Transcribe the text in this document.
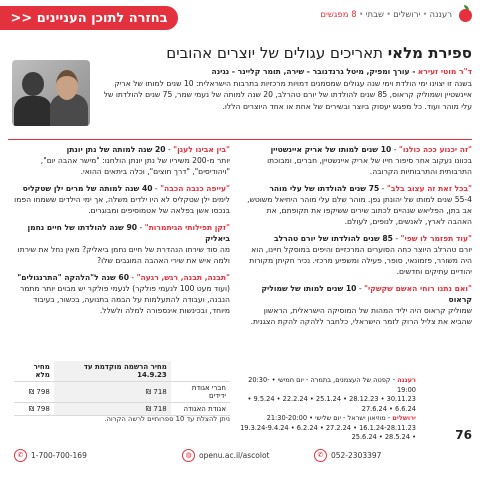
בחזרה לתוכן העניינים <<	רעננה•ירושלים•שבתי•8 מפגשים
ספירת מלאי תאריכים עגולים של יוצרים אהובים
ד"ר מוטי זעירא - עורך ומפיק, מיטל גרנדנובר - שירה, תומר קליינר - נגינה
בשנה זו יצוינו ימי הולדת וימי שנה עגולים שמסמנים דמויות מרכזיות בתרבות הישראלית: 10 שנים למותו של אריק איינשטיין ושמוליק קראוס, 85 שנים להולדתו של יורם טהרלב, 20 שנה למותה של נעמי שמר, 75 שנים להולדתו של עלי מוהר ועוד. כל מפגש יעסוק ביוצר ובשירים של אחת או אחד היוצרים הללו.
"זה יכנוע ככה כולנו" - 10 שנים למותו של אריק איינשטיין
בכוונו נעקוב אחר סיפור חייו של אריק איינשטיין, חברים, ומבוכתו התרבותית והתרבותיות הקרובה.
"בכל זאת זה עצוב בלב" - 75 שנים להולדתו של עלי מוהר
55-4 שנים למותו של יהונתן גפן. מוהר שלם עלי מוהר היחיאל משוטש, אב בתן, הפליאש שנהיים לכתוב שירים ששיקפו את תקופתם, את האהבה לארץ, לאנשים, לנופים, לעולם.
"עוד תפזמר לו שפי" - 85 שנים להולדתו של יורם טהרלב
יורם טהרלב היוצר כחה הסוערים המרכזיים והיפים במוסקל חיינו, הוא היה משורר, פזמונאי, סופר, פעילה ומשפיע מרכזי. נכיר חקיתן מקורות יהודיים עתיקים וחדשים.
"ואם נתנו רוחי האשם שקשקי" - 10 שנים למותו של שמוליק קראוס
שמוליק קראוס היה יליד המהות של המוסיקה הישראלית, הראשון שהביא את צליל הרוק לזמר הישראלי, כלחבר ללהקה להקת הצגנית.
"בין אבינו לענן" - 20 שנה למותה של נתן יונתן
יותר מ-200 משיריו של נתן יונתן הולחנו: "מישר אהבה יום", "ויהודיסים", "דרך חוצים", וכלה ביתאים ההואי.
"עייפה כנבה הכבה" - 40 שנה למותה של מרים ילן שטקליס
לימים ילן שטקליס לא היו ילדים משלה, אך ימי הילדים ששמחו הפמו בנכסו אשן בפלאה של אטמוסיפים ומבוגרים.
"זקן תפילותי הגיתמרות" - 90 שנה להולדתו של חיים נחמן ביאליק
מה סוד שירתו הנהדרת של חיים נחמן ביאליק? מאין נחל את שירתו ולמה איש את שירי האהבה המוגבים שלו?
"תבנה, תבנה, רגש, רגעה" - 60 שנה ל"הלהקה "התרנגולים"
(ועוד מעט 100 לנעמי פולקר) לנעמי פולקר יש מבוים יותר מתמר הנבנה, ועבודה להתעלמות על הבמה בתנועה, בכשור, בעיבוד מיוחד, ובכינשות אינספורה למלה ולשלל.
	מחיר הרשמה מוקדמת עד 14.9.23	מחיר מלא
חברי אגודת ידידים	718 ₪	798 ₪
אגודת האגודה	718 ₪	798 ₪
ניתן להצלת עד 10 ספרותיים לרשה הקרוה.
רעננה - קפטה של העצמנים, בתמרה - יום חמישי • 20:30-19:00
30.11.23 • 28.12.23 • 25.1.24 • 22.2.24 • 9.5.24 • 6.6.24 • 27.6.24
ירושלים - מוזיאון ישראל - יום שלישי • 21:30-20:00
16.1.24-28.11.23 • 27.2.24 • 6.2.24 • 19.3.24-9.4.24 • 28.5.24 • 25.6.24	76
✆	1-700-700-169	◍ openu.ac.il/ascolot	✆	052-2303397
